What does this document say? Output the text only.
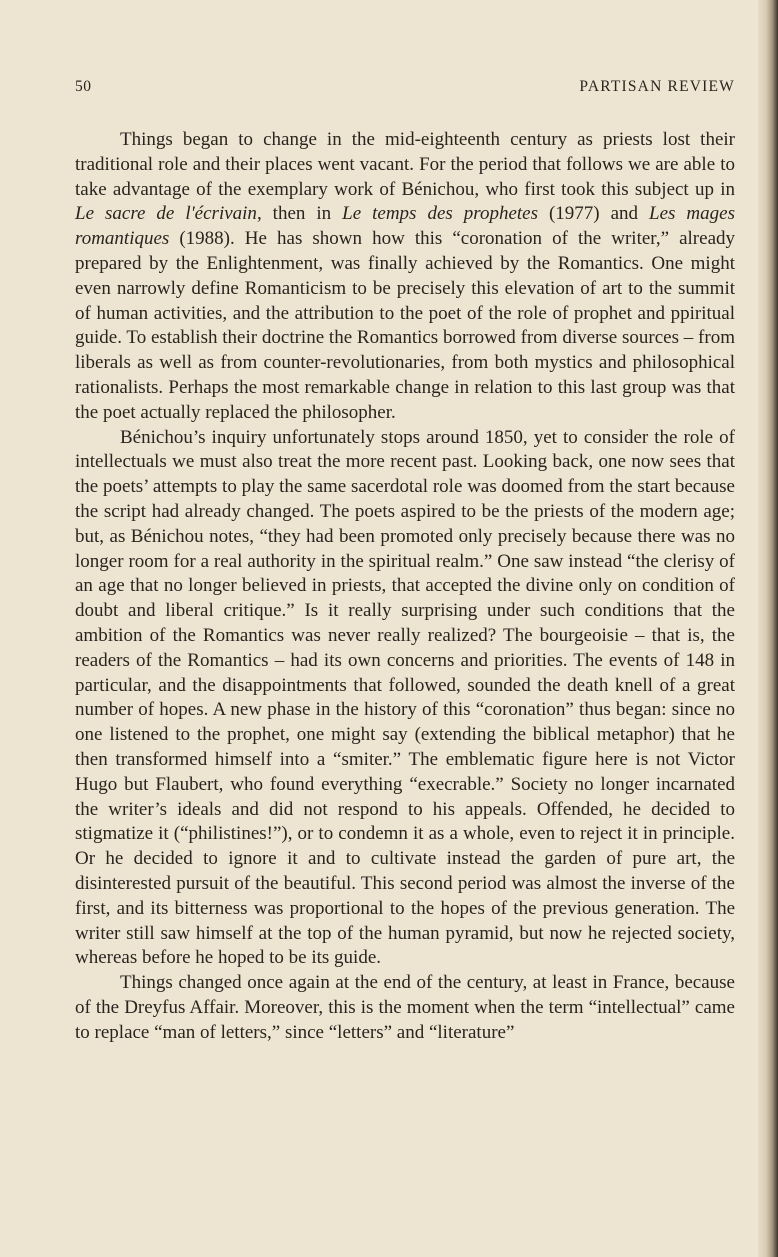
50	PARTISAN REVIEW

Things began to change in the mid-eighteenth century as priests lost their traditional role and their places went vacant. For the period that follows we are able to take advantage of the exemplary work of Bénichou, who first took this subject up in Le sacre de l'écrivain, then in Le temps des prophetes (1977) and Les mages romantiques (1988). He has shown how this “coronation of the writer,” already prepared by the Enlightenment, was finally achieved by the Romantics. One might even narrowly define Romanticism to be precisely this elevation of art to the summit of human activities, and the attribution to the poet of the role of prophet and ppiritual guide. To establish their doctrine the Romantics borrowed from diverse sources – from liberals as well as from counter-revolutionaries, from both mystics and philosophical rationalists. Perhaps the most remarkable change in relation to this last group was that the poet actually replaced the philosopher.

Bénichou’s inquiry unfortunately stops around 1850, yet to consider the role of intellectuals we must also treat the more recent past. Looking back, one now sees that the poets’ attempts to play the same sacerdotal role was doomed from the start because the script had already changed. The poets aspired to be the priests of the modern age; but, as Bénichou notes, “they had been promoted only precisely because there was no longer room for a real authority in the spiritual realm.” One saw instead “the clerisy of an age that no longer believed in priests, that accepted the divine only on condition of doubt and liberal critique.” Is it really surprising under such conditions that the ambition of the Romantics was never really realized? The bourgeoisie – that is, the readers of the Romantics – had its own concerns and priorities. The events of 148 in particular, and the disappointments that followed, sounded the death knell of a great number of hopes. A new phase in the history of this “coronation” thus began: since no one listened to the prophet, one might say (extending the biblical metaphor) that he then transformed himself into a “smiter.” The emblematic figure here is not Victor Hugo but Flaubert, who found everything “execrable.” Society no longer incarnated the writer’s ideals and did not respond to his appeals. Offended, he decided to stigmatize it (“philistines!”), or to condemn it as a whole, even to reject it in principle. Or he decided to ignore it and to cultivate instead the garden of pure art, the disinterested pursuit of the beautiful. This second period was almost the inverse of the first, and its bitterness was proportional to the hopes of the previous generation. The writer still saw himself at the top of the human pyramid, but now he rejected society, whereas before he hoped to be its guide.

Things changed once again at the end of the century, at least in France, because of the Dreyfus Affair. Moreover, this is the moment when the term “intellectual” came to replace “man of letters,” since “letters” and “literature”
